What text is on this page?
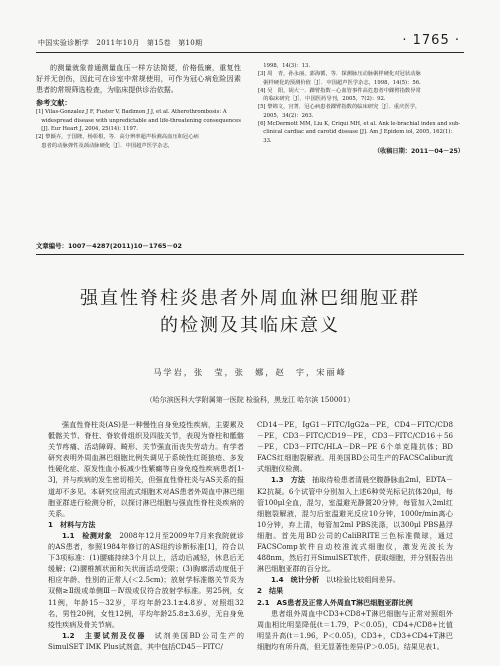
中国实验诊断学　2011年10月　第15卷　第10期	· 1765 ·

的测量就象普通测量血压一样方法简便，价格低廉，重复性好并无创伤，因此可在诊室中常规使用，可作为冠心病危险因素患者的常规筛选检查，为临床提供诊治依据。

参考文献：

[1] Vilas-Gonzalez J F, Fuster V, Badimon J J, et al. Atherothrombosis: A
　widespread disease with unpredictable and life-threatening consequences
　[J]. Eur Heart J, 2004, 25(14): 1197.
[2] 黎颖卉，于国隆，杨彰根，等．高分辨率超声检测高血压和冠心病
　患者的动脉弹性及颈动脉硬化［J］．中国超声医学杂志，
　1998，14(3)：13.
[3] 周　青，孙永丽，郭海循，等．探测脉压动脉粥样硬化对冠状动脉
　粥样硬化的预测价值［J］．中国超声医学杂志，1998，14(5)：56.
[4] 吴　阳，胡大一．踝臂指数－心血管事件高危患者中踝臂指数异常
　的临床研究［J］．中国医药导刊，2005，7(2)：92.
[5] 黎锦文，宫菁．冠心病患者踝臂指数的临床研究［J］．重庆医学，
　2005，34(2)：263.
[6] McDermott MM, Liu K, Criqui MH, et al. Ank le-brachial index and sub-
　clinical cardiac and carotid disease [J]. Am J Epidem iol, 2005, 162(1):
　33.
（收稿日期：2011－04－25）
文章编号：1007－4287(2011)10－1765－02
强直性脊柱炎患者外周血淋巴细胞亚群
的检测及其临床意义
马学岩，张　莹，张　娜，赵　宇，宋丽峰
（哈尔滨医科大学附属第一医院 检验科，黑龙江 哈尔滨 150001）

强直性脊柱炎(AS)是一种慢性自身免疫性疾病，主要累及骶髂关节、脊柱、脊软骨组织及四肢关节，表现为脊柱和骶髂关节疼痛、活动障碍、畸形、关节强直而丧失劳动力。有学者研究表明外周血淋巴细胞比例失调见于系统性红斑狼疮、多发性硬化症、原发性血小板减少性紫癜等自身免疫性疾病患者[1-3]，并与疾病的发生密切相关，但强直性脊柱炎与AS关系的报道却不多见。本研究应用流式细胞术对AS患者外周血中淋巴细胞亚群进行检测分析，以探讨淋巴细胞与强直性脊柱炎疾病的关系。

1　材料与方法

1.1　检测对象　 2008年12月至2009年7月来我院就诊的AS患者，参照1984年修订的AS纽约诊断标准[1]，符合以下3项标准：(1)腰痛持续3个月以上，活动后减轻，休息后无缓解；(2)腰椎额状面和矢状面活动受限；(3)胸廓活动度低于相应年龄、性别的正常人(＜2.5cm)；放射学标准髂关节炎为双侧≥Ⅱ级或单侧Ⅲ－Ⅳ级或仅符合放射学标准。男25例，女11例，年龄15－32岁，平均年龄23.1±4.8岁。对照组32名，男性20例，女性12例，平均年龄25.8±3.6岁，无自身免疫性疾病及骨关节病。

1.2　主要试剂及仪器　 试剂美国BD公司生产的SimulSET IMK Plus试剂盒，其中包括CD45－FITC/

CD14－PE，IgG1－FITC/IgG2a－PE，CD4－FITC/CD8－PE，CD3－FITC/CD19－PE，CD3－FITC/CD16＋56－PE，CD3－FITC/HLA－DR－PE 6个单克隆抗体；BD FACS红细胞裂解液。用美国BD公司生产的FACSCalibur流式细胞仪检测。

1.3　方法　 抽取待检患者清晨空腹静脉血2ml，EDTA－K2抗凝。6个试管中分别加入上述6种荧光标记抗体20μl，每管100μl全血，混匀，室温避光静置20分钟，每管加入2ml红细胞裂解液，混匀后室温避光反应10分钟，1000r/min离心10分钟，弃上清，每管加2ml PBS洗涤，以300μl PBS悬浮细胞。首先用BD公司的CaliBRITE三色标准微球，通过FACSComp软件自动校准流式细胞仪，激发光波长为488nm，然后打开SimulSET软件，获取细胞，并分别报告出淋巴细胞亚群的百分比。

1.4　统计分析　 以t检验比较组间差异。

2　结果

2.1　AS患者及正常人外周血T淋巴细胞亚群比例

患者组外周血中CD3+CD8+T淋巴细胞与正常对照组外周血相比明显降低(t＝1.79，P＜0.05)，CD4+/CD8+比值明显升高(t＝1.96，P＜0.05)，CD3+，CD3+CD4+T淋巴细胞均有所升高，但无显著性差异(P＞0.05)。结果见表1。
